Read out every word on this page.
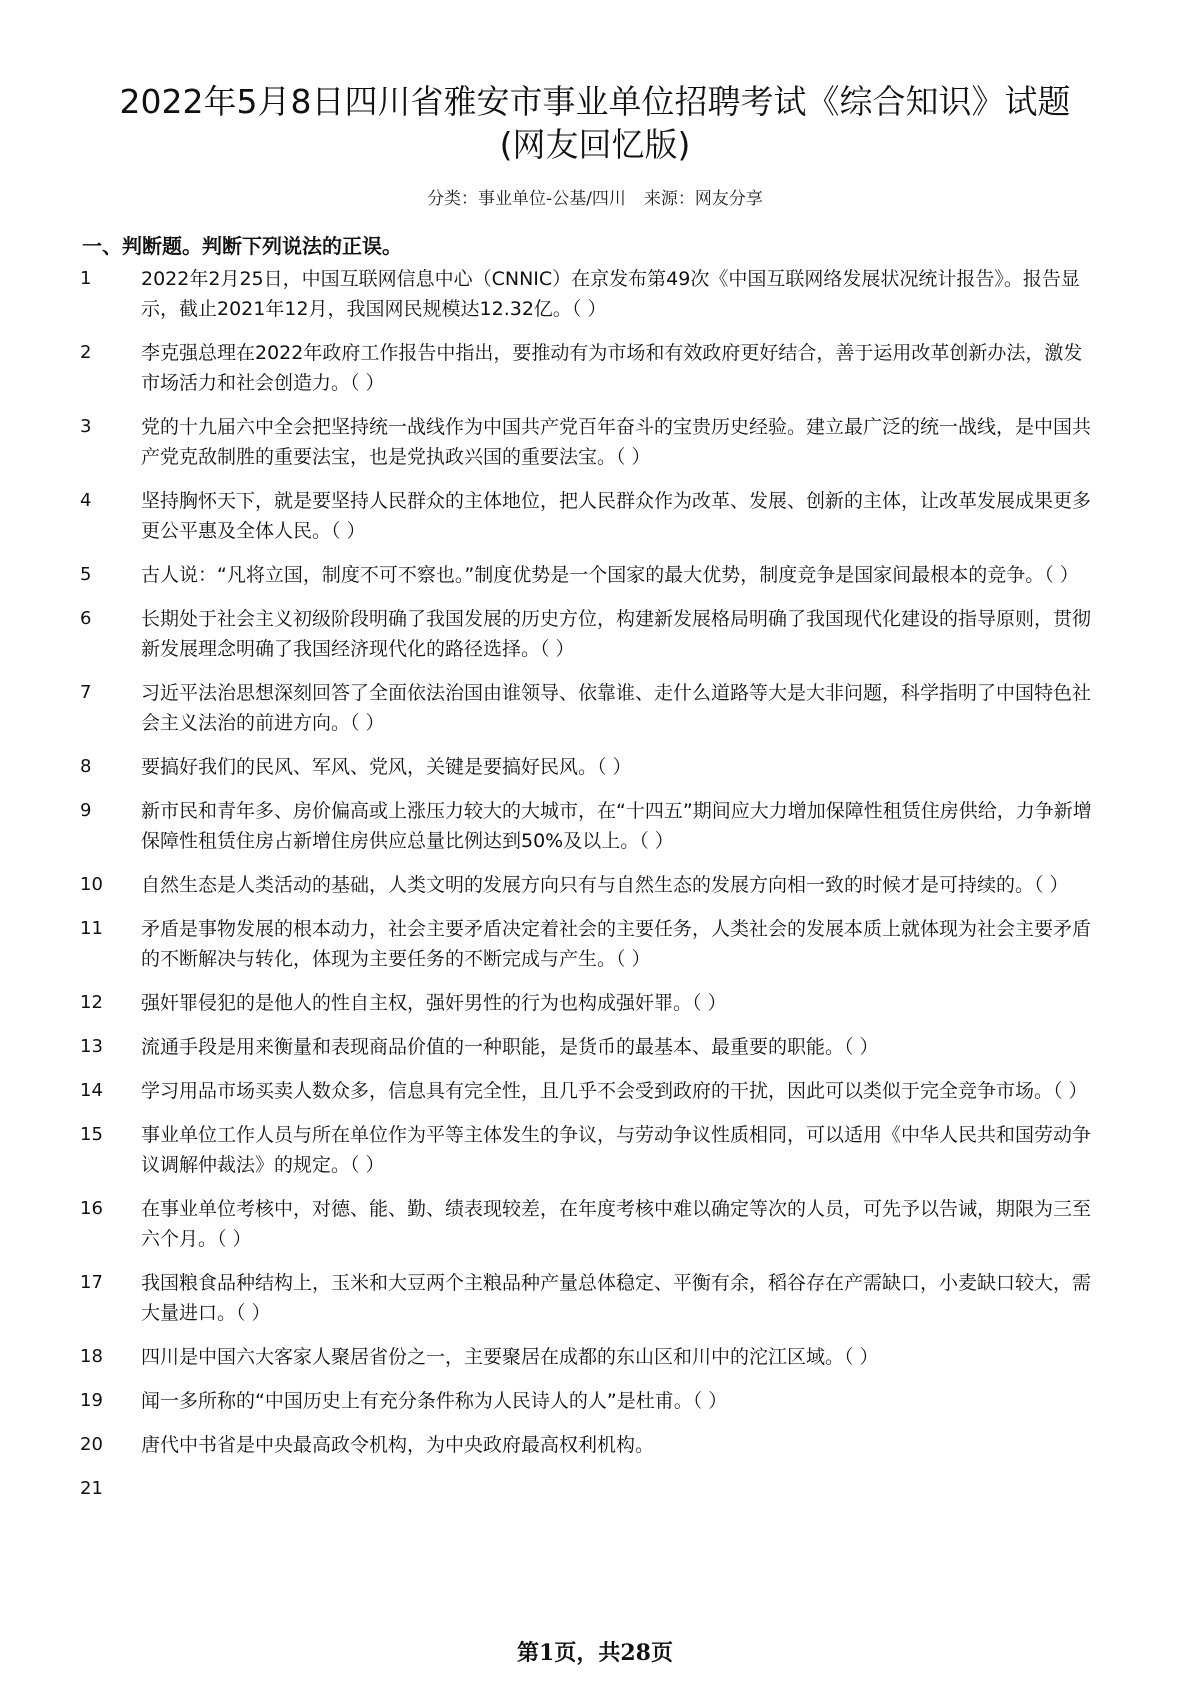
2022年5月8日四川省雅安市事业单位招聘考试《综合知识》试题
(网友回忆版)
分类：事业单位-公基/四川 来源：网友分享
一、判断题。判断下列说法的正误。
1	2022年2月25日，中国互联网信息中心（CNNIC）在京发布第49次《中国互联网络发展状况统计报告》。报告显示，截止2021年12月，我国网民规模达12.32亿。（ ）
2	李克强总理在2022年政府工作报告中指出，要推动有为市场和有效政府更好结合，善于运用改革创新办法，激发市场活力和社会创造力。（ ）
3	党的十九届六中全会把坚持统一战线作为中国共产党百年奋斗的宝贵历史经验。建立最广泛的统一战线，是中国共产党克敌制胜的重要法宝，也是党执政兴国的重要法宝。（ ）
4	坚持胸怀天下，就是要坚持人民群众的主体地位，把人民群众作为改革、发展、创新的主体，让改革发展成果更多更公平惠及全体人民。（ ）
5	古人说：“凡将立国，制度不可不察也。”制度优势是一个国家的最大优势，制度竞争是国家间最根本的竞争。（ ）
6	长期处于社会主义初级阶段明确了我国发展的历史方位，构建新发展格局明确了我国现代化建设的指导原则，贯彻新发展理念明确了我国经济现代化的路径选择。（ ）
7	习近平法治思想深刻回答了全面依法治国由谁领导、依靠谁、走什么道路等大是大非问题，科学指明了中国特色社会主义法治的前进方向。（ ）
8	要搞好我们的民风、军风、党风，关键是要搞好民风。（ ）
9	新市民和青年多、房价偏高或上涨压力较大的大城市，在“十四五”期间应大力增加保障性租赁住房供给，力争新增保障性租赁住房占新增住房供应总量比例达到50%及以上。（ ）
10	自然生态是人类活动的基础，人类文明的发展方向只有与自然生态的发展方向相一致的时候才是可持续的。（ ）
11	矛盾是事物发展的根本动力，社会主要矛盾决定着社会的主要任务，人类社会的发展本质上就体现为社会主要矛盾的不断解决与转化，体现为主要任务的不断完成与产生。（ ）
12	强奸罪侵犯的是他人的性自主权，强奸男性的行为也构成强奸罪。（ ）
13	流通手段是用来衡量和表现商品价值的一种职能，是货币的最基本、最重要的职能。（ ）
14	学习用品市场买卖人数众多，信息具有完全性，且几乎不会受到政府的干扰，因此可以类似于完全竞争市场。（ ）
15	事业单位工作人员与所在单位作为平等主体发生的争议，与劳动争议性质相同，可以适用《中华人民共和国劳动争议调解仲裁法》的规定。（ ）
16	在事业单位考核中，对德、能、勤、绩表现较差，在年度考核中难以确定等次的人员，可先予以告诫，期限为三至六个月。（ ）
17	我国粮食品种结构上，玉米和大豆两个主粮品种产量总体稳定、平衡有余，稻谷存在产需缺口，小麦缺口较大，需大量进口。（ ）
18	四川是中国六大客家人聚居省份之一，主要聚居在成都的东山区和川中的沱江区域。（ ）
19	闻一多所称的“中国历史上有充分条件称为人民诗人的人”是杜甫。（ ）
20	唐代中书省是中央最高政令机构，为中央政府最高权利机构。
21

第1页，共28页
